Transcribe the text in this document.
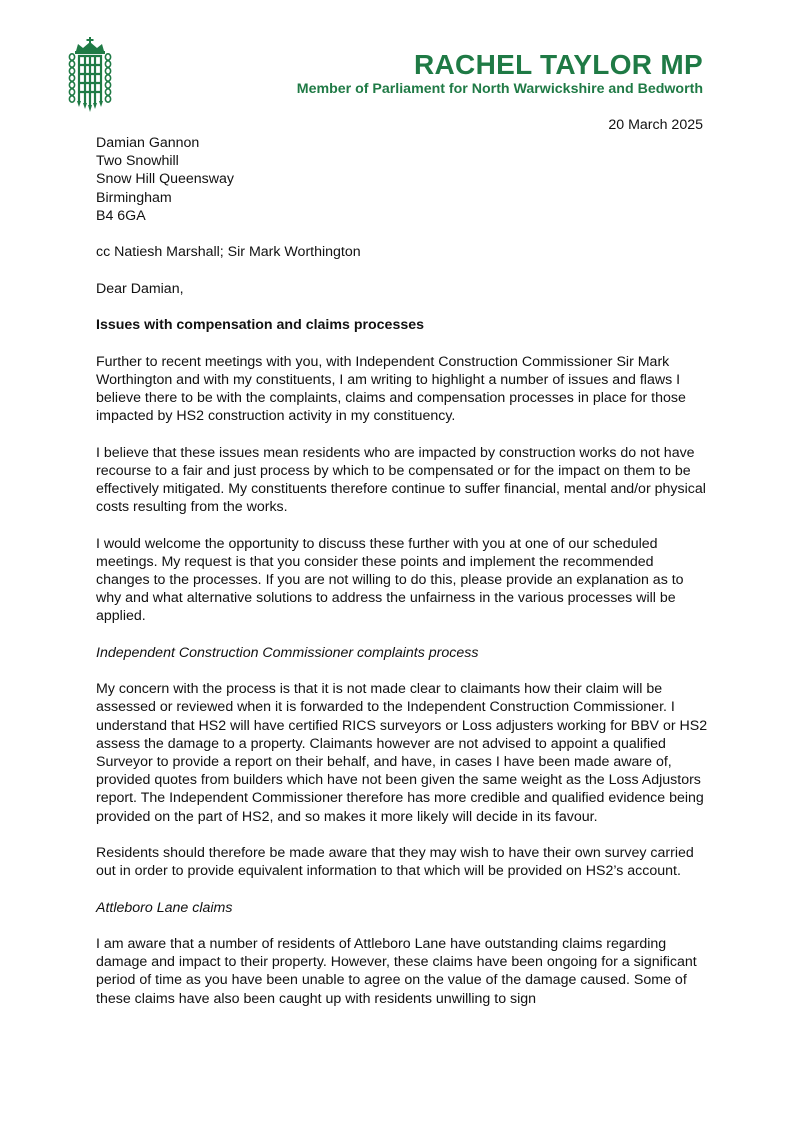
RACHEL TAYLOR MP
Member of Parliament for North Warwickshire and Bedworth
20 March 2025
Damian Gannon
Two Snowhill
Snow Hill Queensway
Birmingham
B4 6GA

cc Natiesh Marshall; Sir Mark Worthington

Dear Damian,

Issues with compensation and claims processes

Further to recent meetings with you, with Independent Construction Commissioner Sir Mark Worthington and with my constituents, I am writing to highlight a number of issues and flaws I believe there to be with the complaints, claims and compensation processes in place for those impacted by HS2 construction activity in my constituency.

I believe that these issues mean residents who are impacted by construction works do not have recourse to a fair and just process by which to be compensated or for the impact on them to be effectively mitigated. My constituents therefore continue to suffer financial, mental and/or physical costs resulting from the works.

I would welcome the opportunity to discuss these further with you at one of our scheduled meetings. My request is that you consider these points and implement the recommended changes to the processes. If you are not willing to do this, please provide an explanation as to why and what alternative solutions to address the unfairness in the various processes will be applied.

Independent Construction Commissioner complaints process

My concern with the process is that it is not made clear to claimants how their claim will be assessed or reviewed when it is forwarded to the Independent Construction Commissioner. I understand that HS2 will have certified RICS surveyors or Loss adjusters working for BBV or HS2 assess the damage to a property. Claimants however are not advised to appoint a qualified Surveyor to provide a report on their behalf, and have, in cases I have been made aware of, provided quotes from builders which have not been given the same weight as the Loss Adjustors report. The Independent Commissioner therefore has more credible and qualified evidence being provided on the part of HS2, and so makes it more likely will decide in its favour.

Residents should therefore be made aware that they may wish to have their own survey carried out in order to provide equivalent information to that which will be provided on HS2’s account.

Attleboro Lane claims

I am aware that a number of residents of Attleboro Lane have outstanding claims regarding damage and impact to their property. However, these claims have been ongoing for a significant period of time as you have been unable to agree on the value of the damage caused. Some of these claims have also been caught up with residents unwilling to sign
